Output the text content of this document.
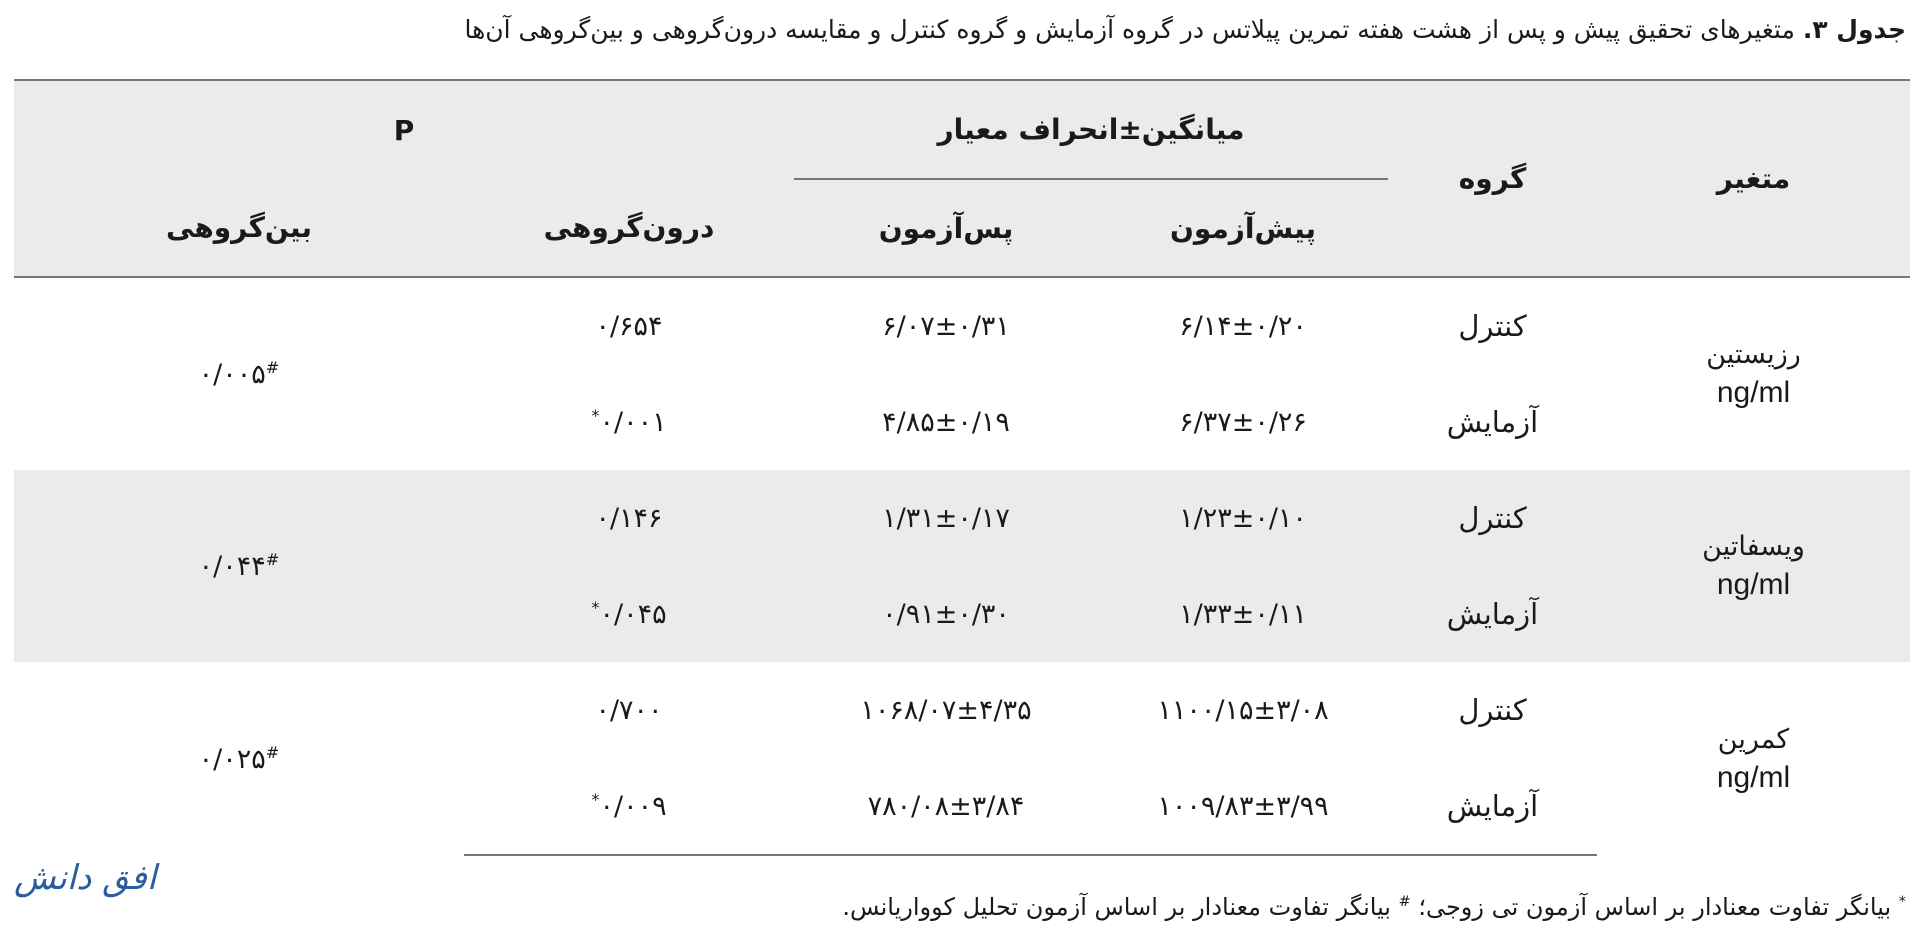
جدول ۳. متغیرهای تحقیق پیش و پس از هشت هفته تمرین پیلاتس در گروه آزمایش و گروه کنترل و مقایسه درون‌گروهی و بین‌گروهی آن‌ها
متغیر	گروه	میانگین±انحراف معیار		P	
		پیش‌آزمون	پس‌آزمون	درون‌گروهی	بین‌گروهی
رزیستین
ng/ml	کنترل	۶/۱۴±۰/۲۰	۶/۰۷±۰/۳۱	۰/۶۵۴	۰/۰۰۵#
	آزمایش	۶/۳۷±۰/۲۶	۴/۸۵±۰/۱۹	۰/۰۰۱*
ویسفاتین
ng/ml	کنترل	۱/۲۳±۰/۱۰	۱/۳۱±۰/۱۷	۰/۱۴۶	۰/۰۴۴#
	آزمایش	۱/۳۳±۰/۱۱	۰/۹۱±۰/۳۰	۰/۰۴۵*
کمرین
ng/ml	کنترل	۱۱۰۰/۱۵±۳/۰۸	۱۰۶۸/۰۷±۴/۳۵	۰/۷۰۰	۰/۰۲۵#
	آزمایش	۱۰۰۹/۸۳±۳/۹۹	۷۸۰/۰۸±۳/۸۴	۰/۰۰۹*
* بیانگر تفاوت معنادار بر اساس آزمون تی زوجی؛ # بیانگر تفاوت معنادار بر اساس آزمون تحلیل کوواریانس.
افق دانش
